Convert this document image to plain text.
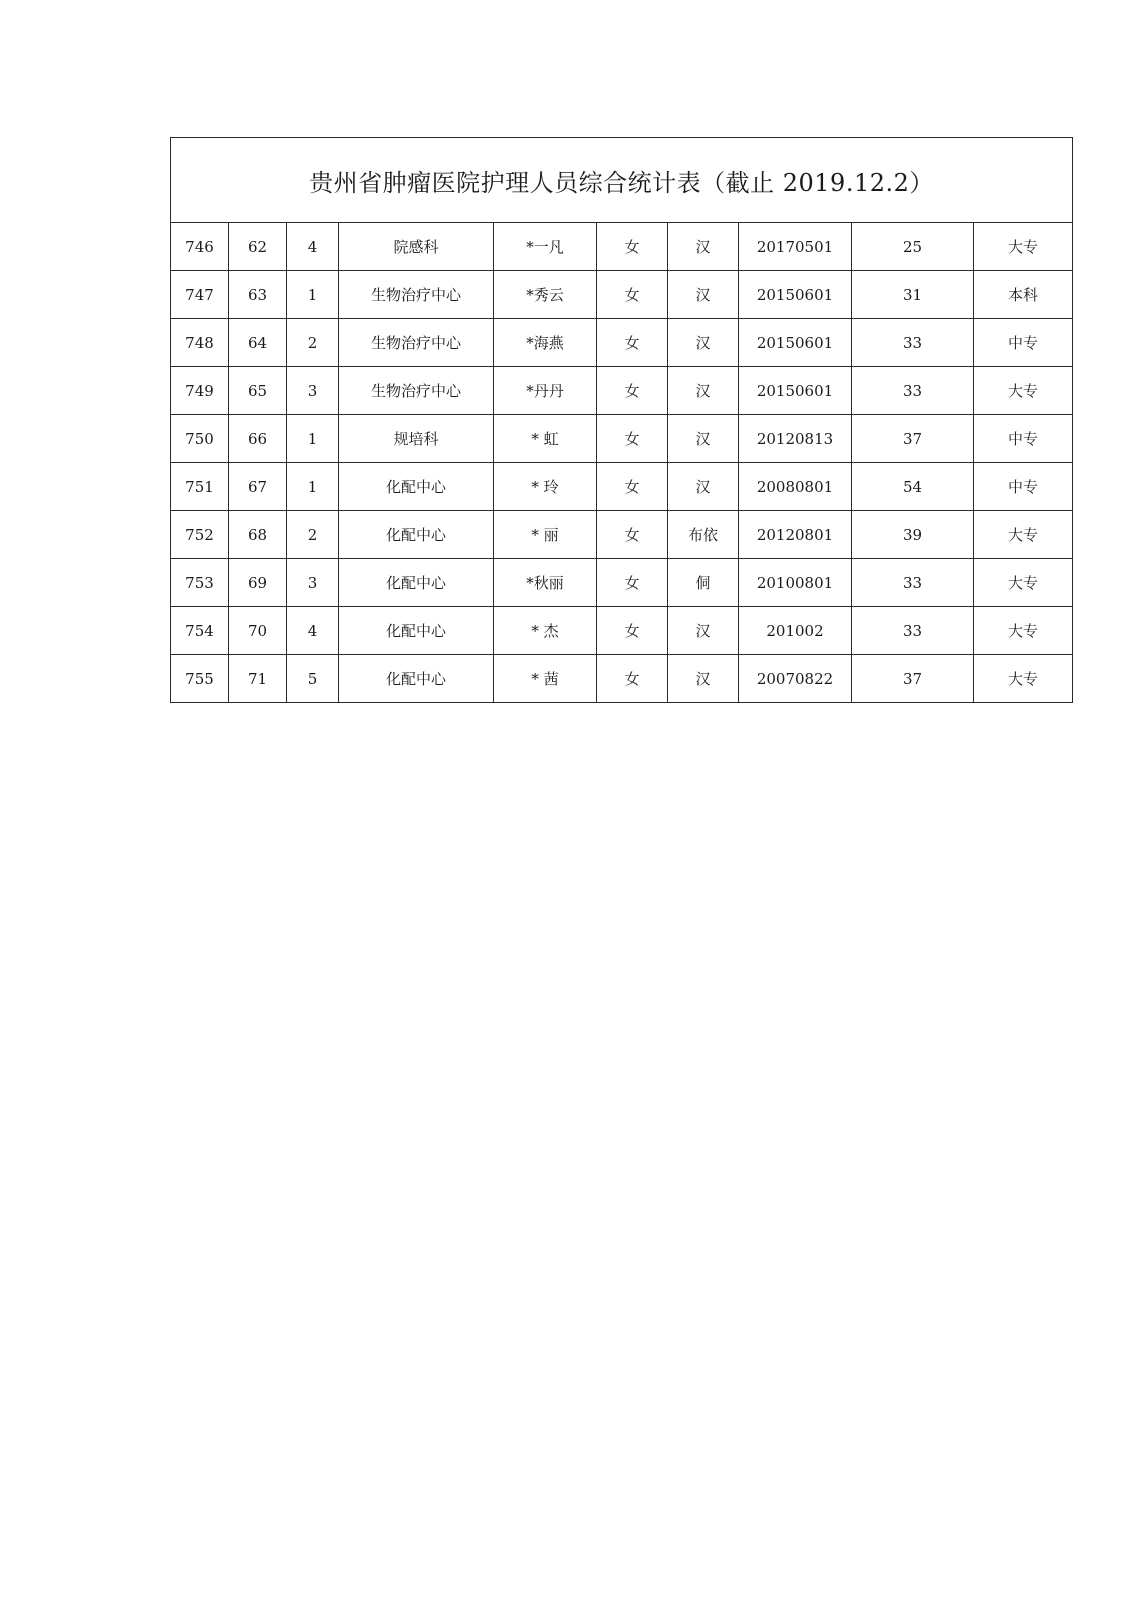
贵州省肿瘤医院护理人员综合统计表（截止 2019.12.2）									
746	62	4	院感科	*一凡	女	汉	20170501	25	大专
747	63	1	生物治疗中心	*秀云	女	汉	20150601	31	本科
748	64	2	生物治疗中心	*海燕	女	汉	20150601	33	中专
749	65	3	生物治疗中心	*丹丹	女	汉	20150601	33	大专
750	66	1	规培科	* 虹	女	汉	20120813	37	中专
751	67	1	化配中心	* 玲	女	汉	20080801	54	中专
752	68	2	化配中心	* 丽	女	布依	20120801	39	大专
753	69	3	化配中心	*秋丽	女	侗	20100801	33	大专
754	70	4	化配中心	* 杰	女	汉	201002	33	大专
755	71	5	化配中心	* 茜	女	汉	20070822	37	大专
